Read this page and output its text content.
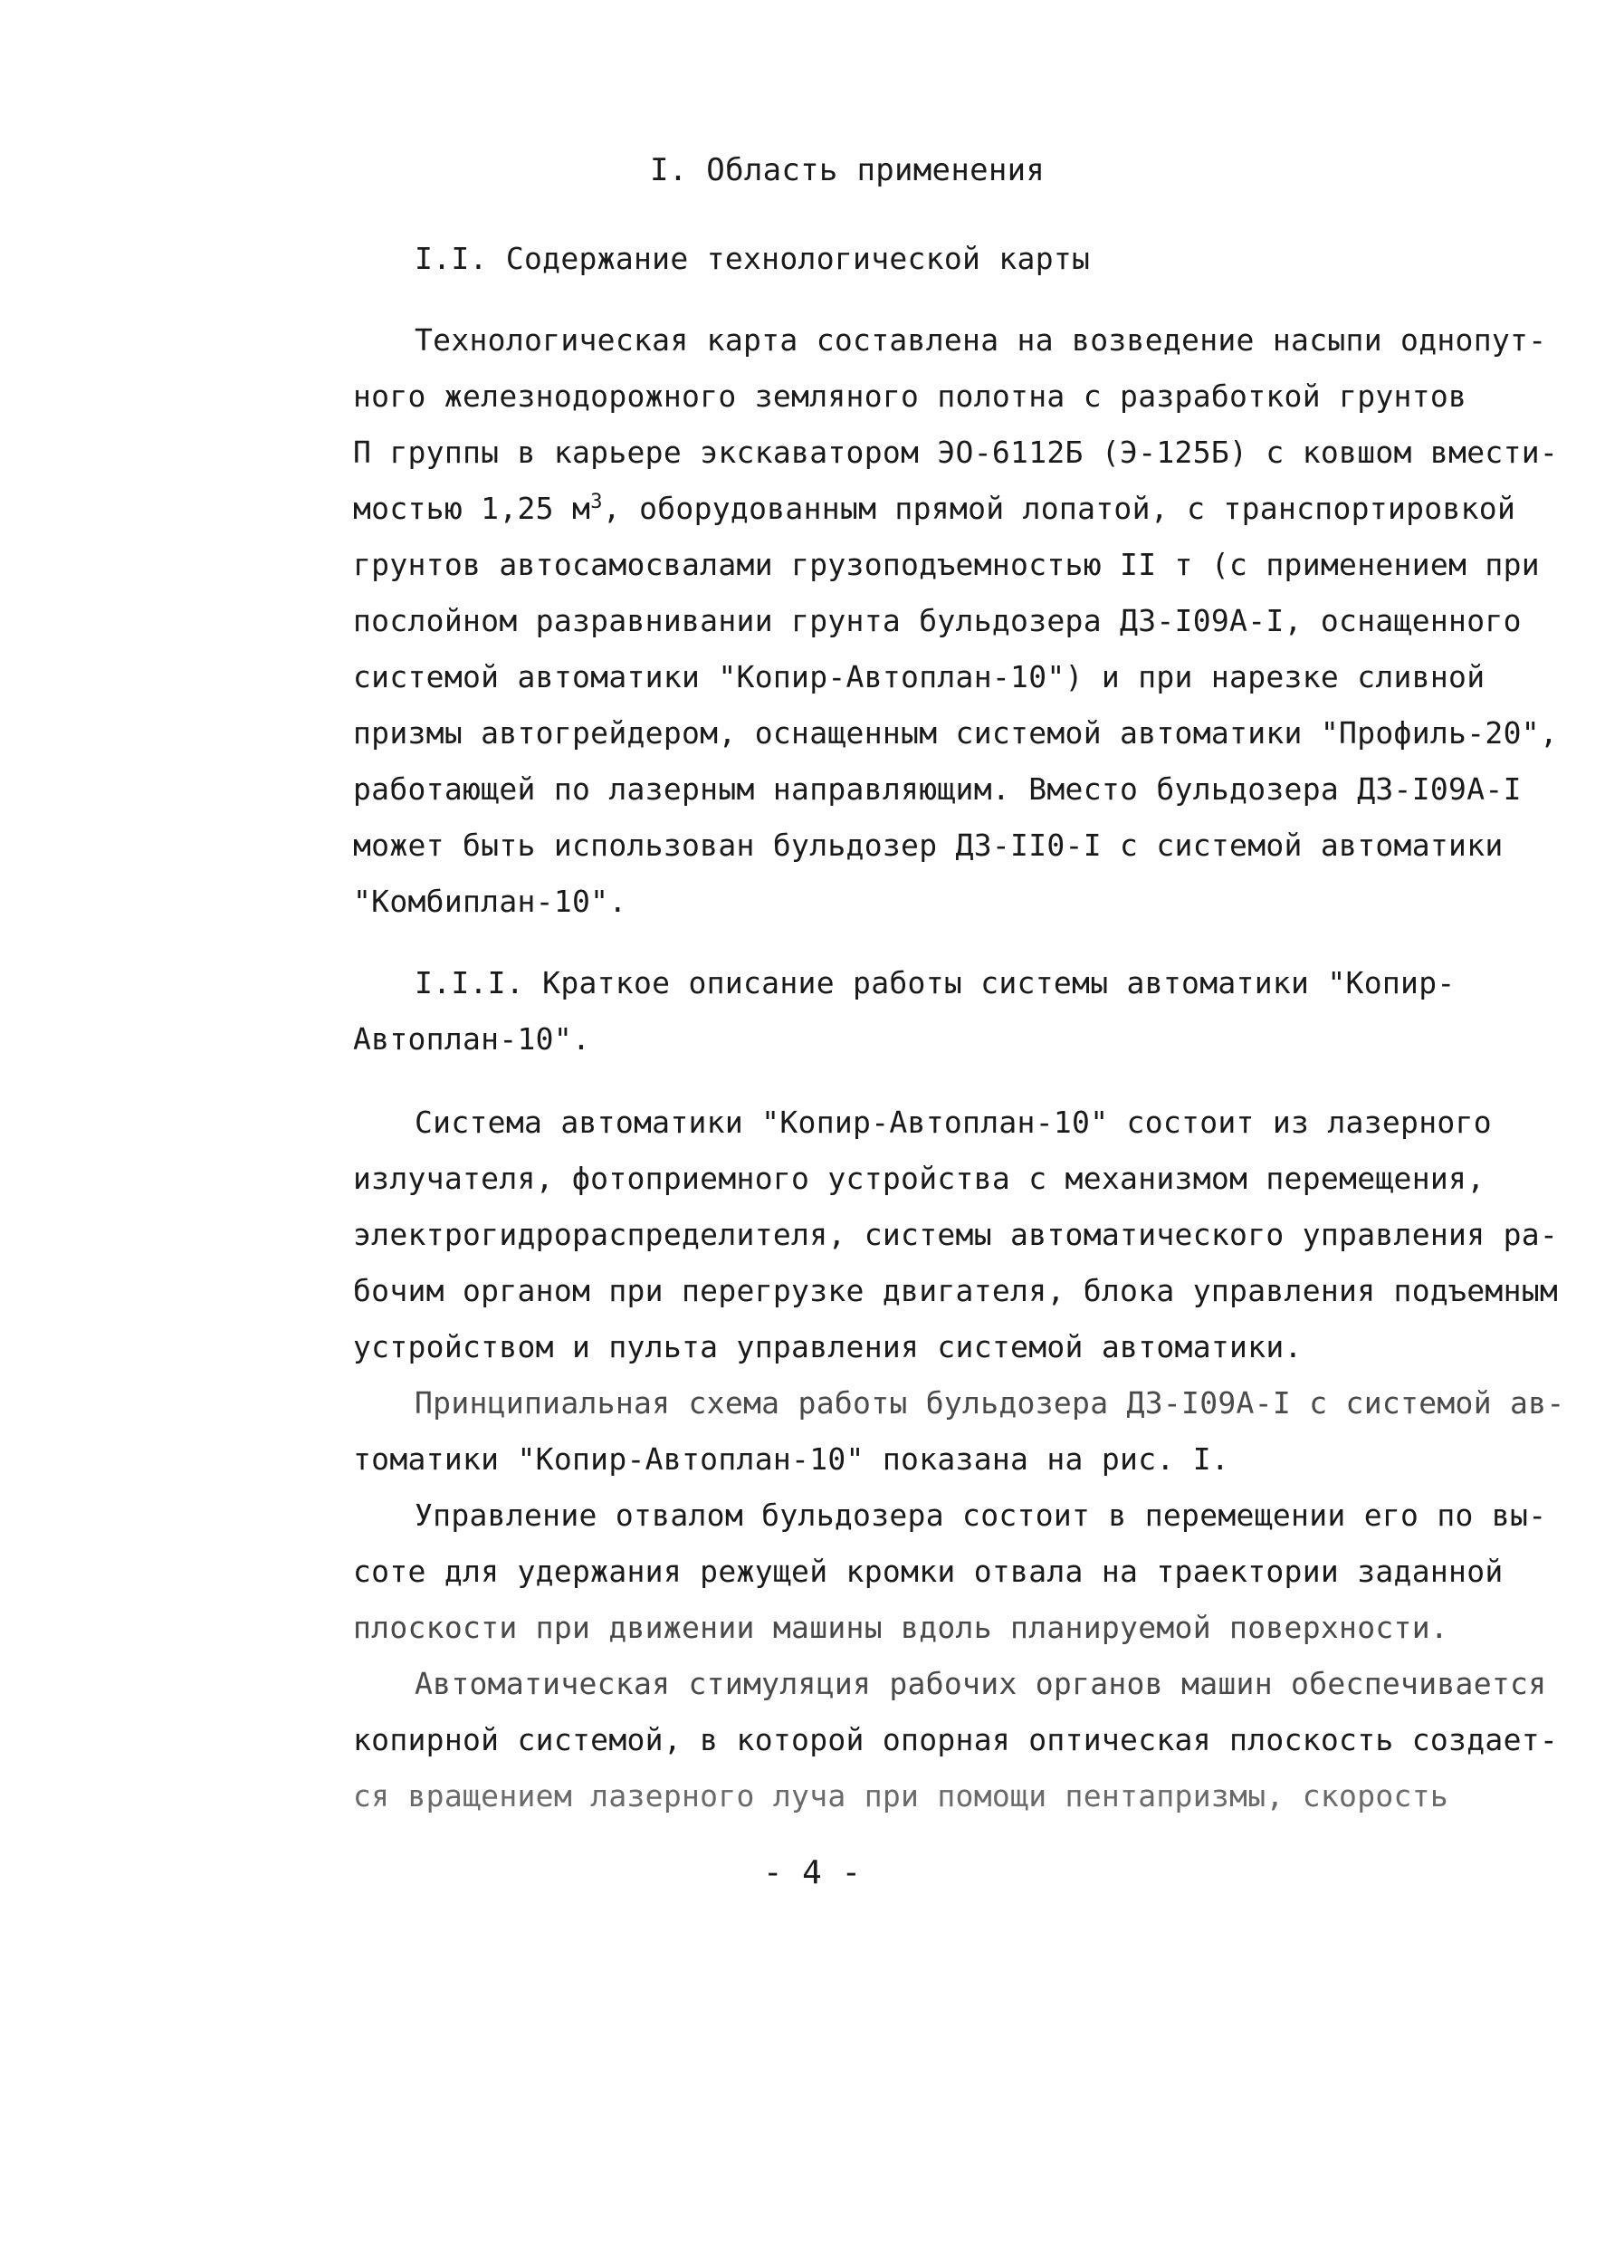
I. Область применения
I.I. Содержание технологической карты
Технологическая карта составлена на возведение насыпи однопут-
ного железнодорожного земляного полотна с разработкой грунтов
П группы в карьере экскаватором ЭО-6112Б (Э-125Б) с ковшом вмести-
мостью 1,25 $м^3$, оборудованным прямой лопатой, с транспортировкой
грунтов автосамосвалами грузоподъемностью II т (с применением при
послойном разравнивании грунта бульдозера ДЗ-I09А-I, оснащенного
системой автоматики "Копир-Автоплан-10") и при нарезке сливной
призмы автогрейдером, оснащенным системой автоматики "Профиль-20",
работающей по лазерным направляющим. Вместо бульдозера ДЗ-I09А-I
может быть использован бульдозер ДЗ-II0-I с системой автоматики
"Комбиплан-10".
I.I.I. Краткое описание работы системы автоматики "Копир-
Автоплан-10".
Система автоматики "Копир-Автоплан-10" состоит из лазерного
излучателя, фотоприемного устройства с механизмом перемещения,
электрогидрораспределителя, системы автоматического управления ра-
бочим органом при перегрузке двигателя, блока управления подъемным
устройством и пульта управления системой автоматики.
Принципиальная схема работы бульдозера ДЗ-I09А-I с системой ав-
томатики "Копир-Автоплан-10" показана на рис. I.
Управление отвалом бульдозера состоит в перемещении его по вы-
соте для удержания режущей кромки отвала на траектории заданной
плоскости при движении машины вдоль планируемой поверхности.
Автоматическая стимуляция рабочих органов машин обеспечивается
копирной системой, в которой опорная оптическая плоскость создает-
ся вращением лазерного луча при помощи пентапризмы, скорость
- 4 -
